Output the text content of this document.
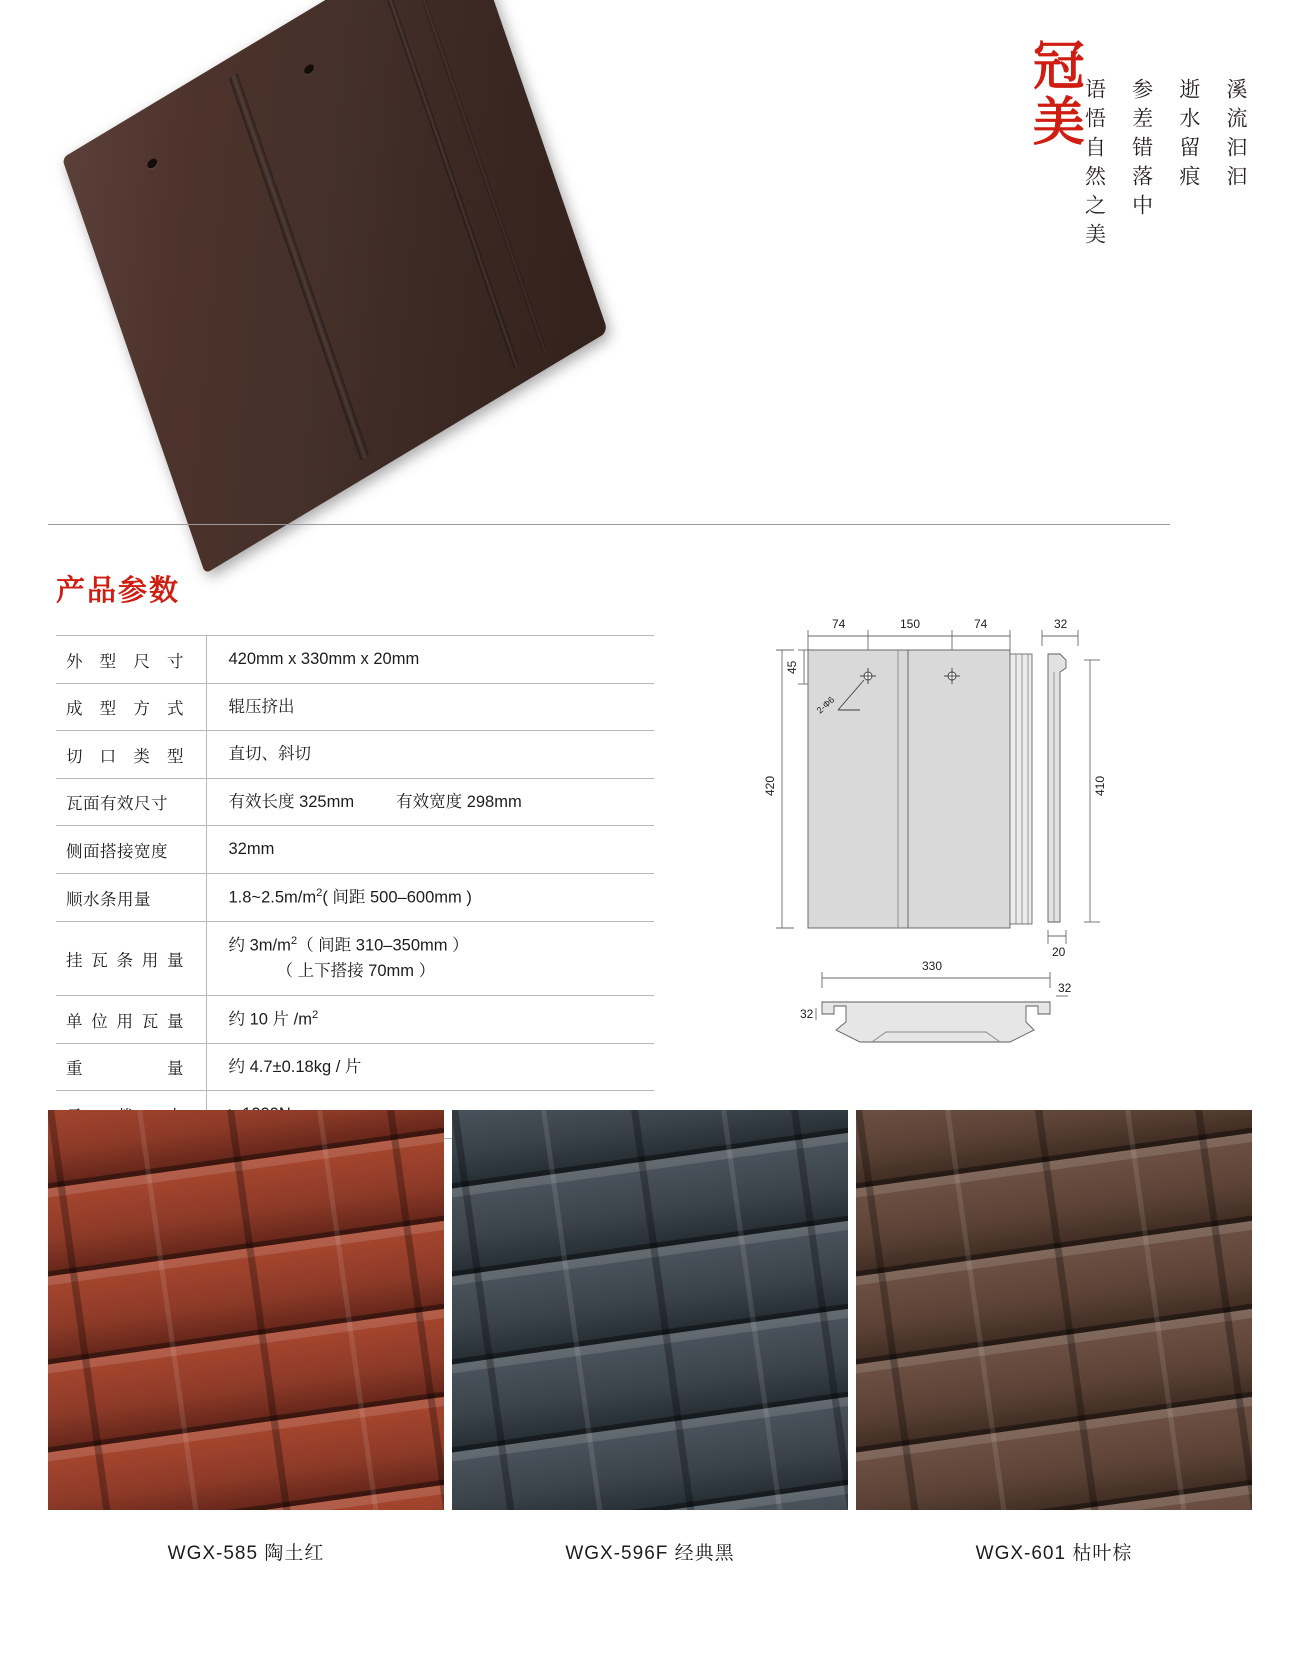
冠美	溪流汩汩
逝水留痕
参差错落中
语悟自然之美
产品参数
外 型 尺 寸	420mm x 330mm x 20mm

成 型 方 式	辊压挤出

切 口 类 型	直切、斜切
瓦面有效尺寸	有效长度 325mm 有效宽度 298mm

侧面搭接宽度	32mm
顺水条用量	$1.8\sim 2.5m/m^2$( 间距 500–600mm )

挂 瓦 条 用 量	约 $3m/m^2$（ 间距 310–350mm ）
（ 上下搭接 70mm ）

单 位 用 瓦 量	约 10 片 $/m^2$

重 量	约 4.7±0.18kg / 片

74	150	74	32
45
420	410
20
2-Φ6
330
32
32
WGX-585 陶土红	WGX-596F 经典黑	WGX-601 枯叶棕
